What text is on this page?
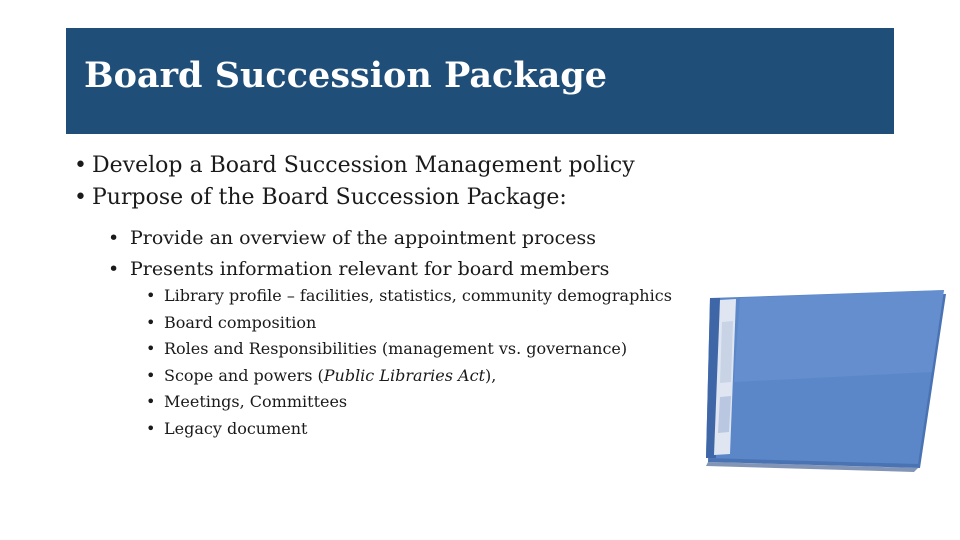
Board Succession Package
• Develop a Board Succession Management policy
• Purpose of the Board Succession Package:
• Provide an overview of the appointment process
• Presents information relevant for board members
• Library profile – facilities, statistics, community demographics
• Board composition
• Roles and Responsibilities (management vs. governance)
• Scope and powers (Public Libraries Act),
• Meetings, Committees
• Legacy document
